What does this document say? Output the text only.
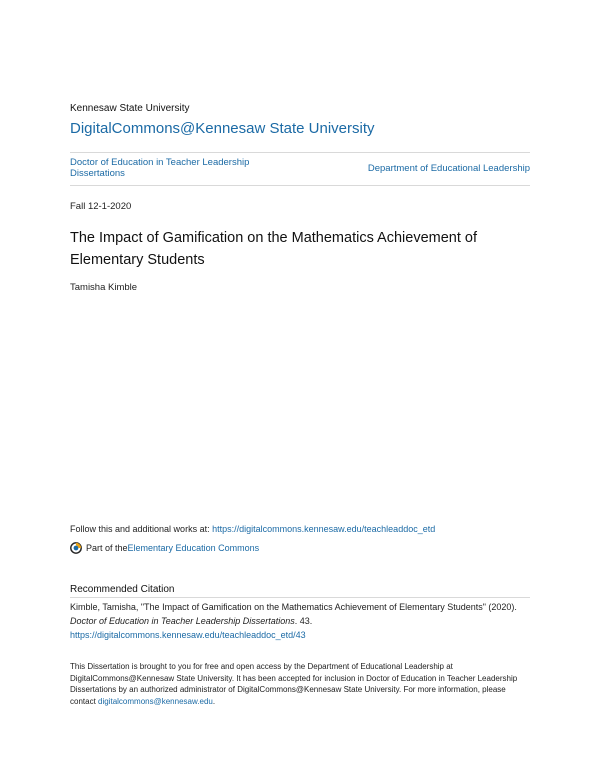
Kennesaw State University
DigitalCommons@Kennesaw State University
Doctor of Education in Teacher Leadership Dissertations	Department of Educational Leadership
Fall 12-1-2020
The Impact of Gamification on the Mathematics Achievement of Elementary Students
Tamisha Kimble
Follow this and additional works at: https://digitalcommons.kennesaw.edu/teachleaddoc_etd
Part of the Elementary Education Commons
Recommended Citation
Kimble, Tamisha, "The Impact of Gamification on the Mathematics Achievement of Elementary Students" (2020). Doctor of Education in Teacher Leadership Dissertations. 43.
https://digitalcommons.kennesaw.edu/teachleaddoc_etd/43
This Dissertation is brought to you for free and open access by the Department of Educational Leadership at DigitalCommons@Kennesaw State University. It has been accepted for inclusion in Doctor of Education in Teacher Leadership Dissertations by an authorized administrator of DigitalCommons@Kennesaw State University. For more information, please contact digitalcommons@kennesaw.edu.
